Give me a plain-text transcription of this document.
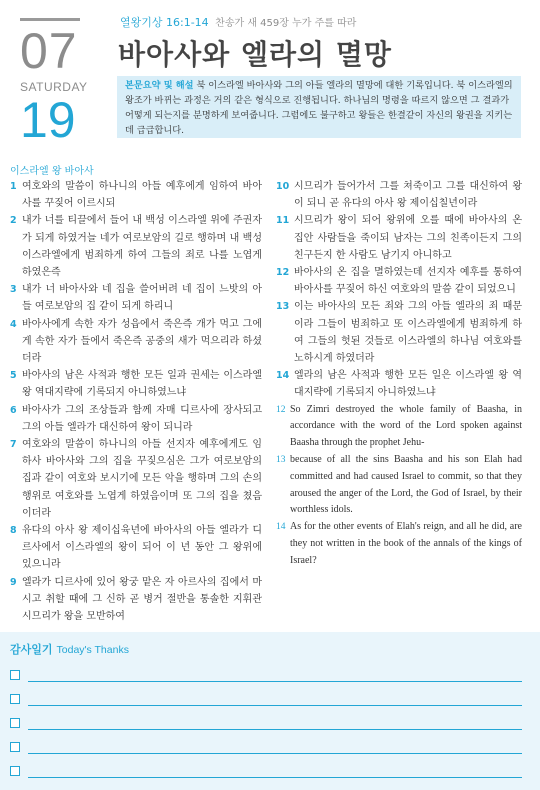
07
SATURDAY
19
열왕기상 16:1-14 찬송가 새 459장 누가 주를 따라
바아사와 엘라의 멸망
본문요약 및 해설 북 이스라엘 바아사와 그의 아들 엘라의 멸망에 대한 기록입니다. 북 이스라엘의 왕조가 바뀌는 과정은 거의 같은 형식으로 진행됩니다. 하나님의 명령을 따르지 않으면 그 결과가 어떻게 되는지를 분명하게 보여줍니다. 그럼에도 불구하고 왕들은 한결같이 자신의 왕권을 지키는 데 급급합니다.
이스라엘 왕 바아사
1 여호와의 말씀이 하나니의 아들 예후에게 임하여 바아사를 꾸짖어 이르시되
2 내가 너를 티끌에서 들어 내 백성 이스라엘 위에 주권자가 되게 하였거늘 네가 여로보암의 길로 행하며 내 백성 이스라엘에게 범죄하게 하여 그들의 죄로 나를 노엽게 하였은즉
3 내가 너 바아사와 네 집을 쓸어버려 네 집이 느밧의 아들 여로보암의 집 같이 되게 하리니
4 바아사에게 속한 자가 성읍에서 죽은즉 개가 먹고 그에게 속한 자가 들에서 죽은즉 공중의 새가 먹으리라 하셨더라
5 바아사의 남은 사적과 행한 모든 일과 권세는 이스라엘 왕 역대지략에 기록되지 아니하였느냐
6 바아사가 그의 조상들과 함께 자매 디르사에 장사되고 그의 아들 엘라가 대신하여 왕이 되니라
7 여호와의 말씀이 하나니의 아들 선지자 예후에게도 임하사 바아사와 그의 집을 꾸짖으심은 그가 여로보암의 집과 같이 여호와 보시기에 모든 악을 행하며 그의 손의 행위로 여호와를 노엽게 하였음이며 또 그의 집을 쳤음이더라
8 유다의 아사 왕 제이십육년에 바아사의 아들 엘라가 디르사에서 이스라엘의 왕이 되어 이 년 동안 그 왕위에 있으니라
9 엘라가 디르사에 있어 왕궁 맡은 자 아르사의 집에서 마시고 취할 때에 그 신하 곧 병거 절반을 통솔한 지휘관 시므리가 왕을 모반하여
10 시므리가 들어가서 그를 쳐죽이고 그를 대신하여 왕이 되니 곧 유다의 아사 왕 제이십칠년이라
11 시므리가 왕이 되어 왕위에 오를 때에 바아사의 온 집안 사람들을 죽이되 남자는 그의 친족이든지 그의 친구든지 한 사람도 남기지 아니하고
12 바아사의 온 집을 멸하였는데 선지자 예후를 통하여 바아사를 꾸짖어 하신 여호와의 말씀 같이 되었으니
13 이는 바아사의 모든 죄와 그의 아들 엘라의 죄 때문이라 그들이 범죄하고 또 이스라엘에게 범죄하게 하여 그들의 헛된 것들로 이스라엘의 하나님 여호와를 노하시게 하였더라
14 엘라의 남은 사적과 행한 모든 일은 이스라엘 왕 역대지략에 기록되지 아니하였느냐
12 So Zimri destroyed the whole family of Baasha, in accordance with the word of the Lord spoken against Baasha through the prophet Jehu-
13 because of all the sins Baasha and his son Elah had committed and had caused Israel to commit, so that they aroused the anger of the Lord, the God of Israel, by their worthless idols.
14 As for the other events of Elah's reign, and all he did, are they not written in the book of the annals of the kings of Israel?
감사일기 Today's Thanks
